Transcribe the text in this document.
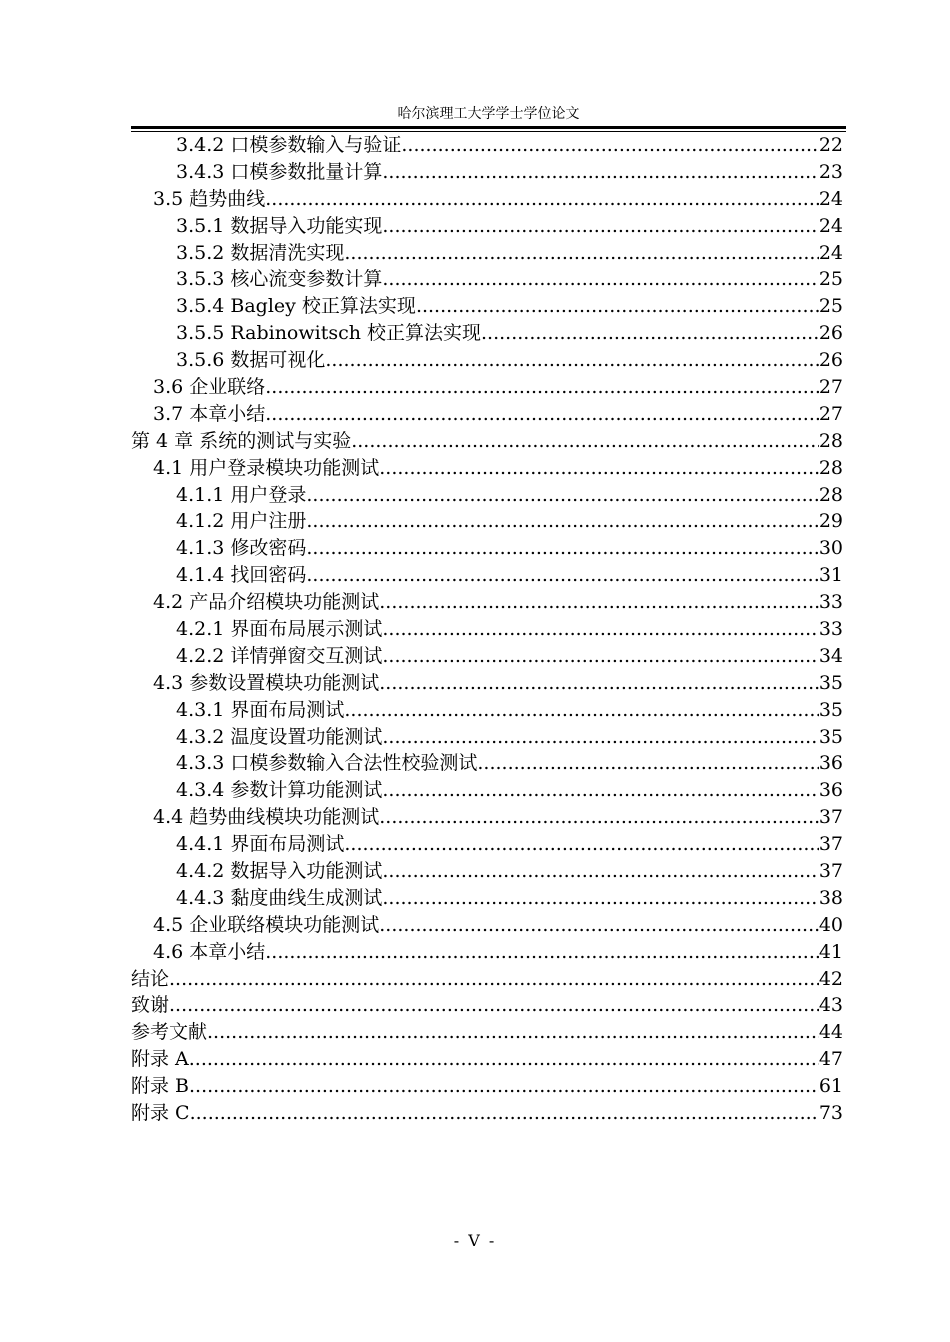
哈尔滨理工大学学士学位论文
3.4.2 口模参数输入与验证 .....	22
3.4.3 口模参数批量计算 .....	23
3.5 趋势曲线 .....	24
3.5.1 数据导入功能实现 .....	24
3.5.2 数据清洗实现 .....	24
3.5.3 核心流变参数计算 .....	25
3.5.4 Bagley 校正算法实现 .....	25
3.5.5 Rabinowitsch 校正算法实现 .....	26
3.5.6 数据可视化 .....	26
3.6 企业联络 .....	27
3.7 本章小结 .....	27
第 4 章 系统的测试与实验 .....	28
4.1 用户登录模块功能测试 .....	28
4.1.1 用户登录 .....	28
4.1.2 用户注册 .....	29
4.1.3 修改密码 .....	30
4.1.4 找回密码 .....	31
4.2 产品介绍模块功能测试 .....	33
4.2.1 界面布局展示测试 .....	33
4.2.2 详情弹窗交互测试 .....	34
4.3 参数设置模块功能测试 .....	35
4.3.1 界面布局测试 .....	35
4.3.2 温度设置功能测试 .....	35
4.3.3 口模参数输入合法性校验测试 .....	36
4.3.4 参数计算功能测试 .....	36
4.4 趋势曲线模块功能测试 .....	37
4.4.1 界面布局测试 .....	37
4.4.2 数据导入功能测试 .....	37
4.4.3 黏度曲线生成测试 .....	38
4.5 企业联络模块功能测试 .....	40
4.6 本章小结 .....	41
结论 .....	42
致谢 .....	43
参考文献 .....	44
附录 A .....	47
附录 B .....	61
附录 C .....	73
- V -
